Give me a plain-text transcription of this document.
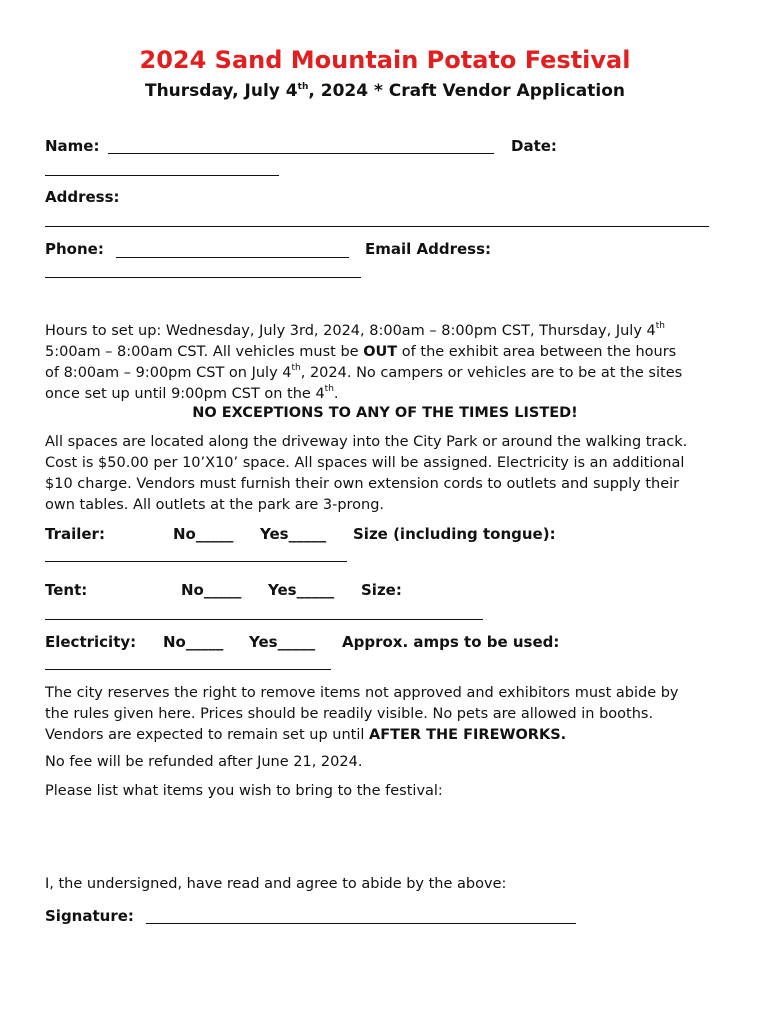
2024 Sand Mountain Potato Festival
Thursday, July 4th, 2024 * Craft Vendor Application
Name:	Date:
Address:
Phone:	Email Address:
Hours to set up: Wednesday, July 3rd, 2024, 8:00am – 8:00pm CST, Thursday, July 4th
5:00am – 8:00am CST. All vehicles must be OUT of the exhibit area between the hours
of 8:00am – 9:00pm CST on July 4th, 2024. No campers or vehicles are to be at the sites
once set up until 9:00pm CST on the 4th.
NO EXCEPTIONS TO ANY OF THE TIMES LISTED!
All spaces are located along the driveway into the City Park or around the walking track.
Cost is $50.00 per 10’X10’ space. All spaces will be assigned. Electricity is an additional
$10 charge. Vendors must furnish their own extension cords to outlets and supply their
own tables. All outlets at the park are 3-prong.
Trailer:	No_____ Yes_____ Size (including tongue):
Tent:	No_____ Yes_____ Size:
Electricity: No_____ Yes_____ Approx. amps to be used:
The city reserves the right to remove items not approved and exhibitors must abide by
the rules given here. Prices should be readily visible. No pets are allowed in booths.
Vendors are expected to remain set up until AFTER THE FIREWORKS.
No fee will be refunded after June 21, 2024.
Please list what items you wish to bring to the festival:
I, the undersigned, have read and agree to abide by the above:
Signature:
